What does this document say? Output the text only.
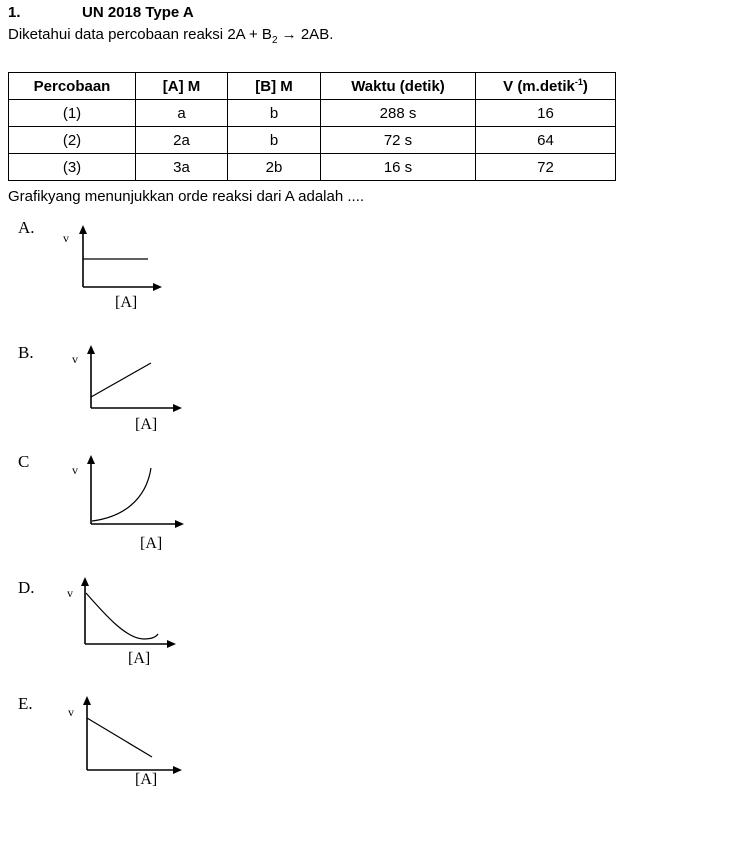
1.	UN 2018 Type A
Diketahui data percobaan reaksi $2A + B_2 \to 2AB$.
Percobaan	[A] M	[B] M	Waktu (detik)	V (m.detik$^{-1}$)
(1)	a	b	288 s	16
(2)	2a	b	72 s	64
(3)	3a	2b	16 s	72
Grafikyang menunjukkan orde reaksi dari A adalah ....
A.
v
[A]
B.	v
[A]
C	v
[A]
D.	v
[A]
E.	v
[A]
